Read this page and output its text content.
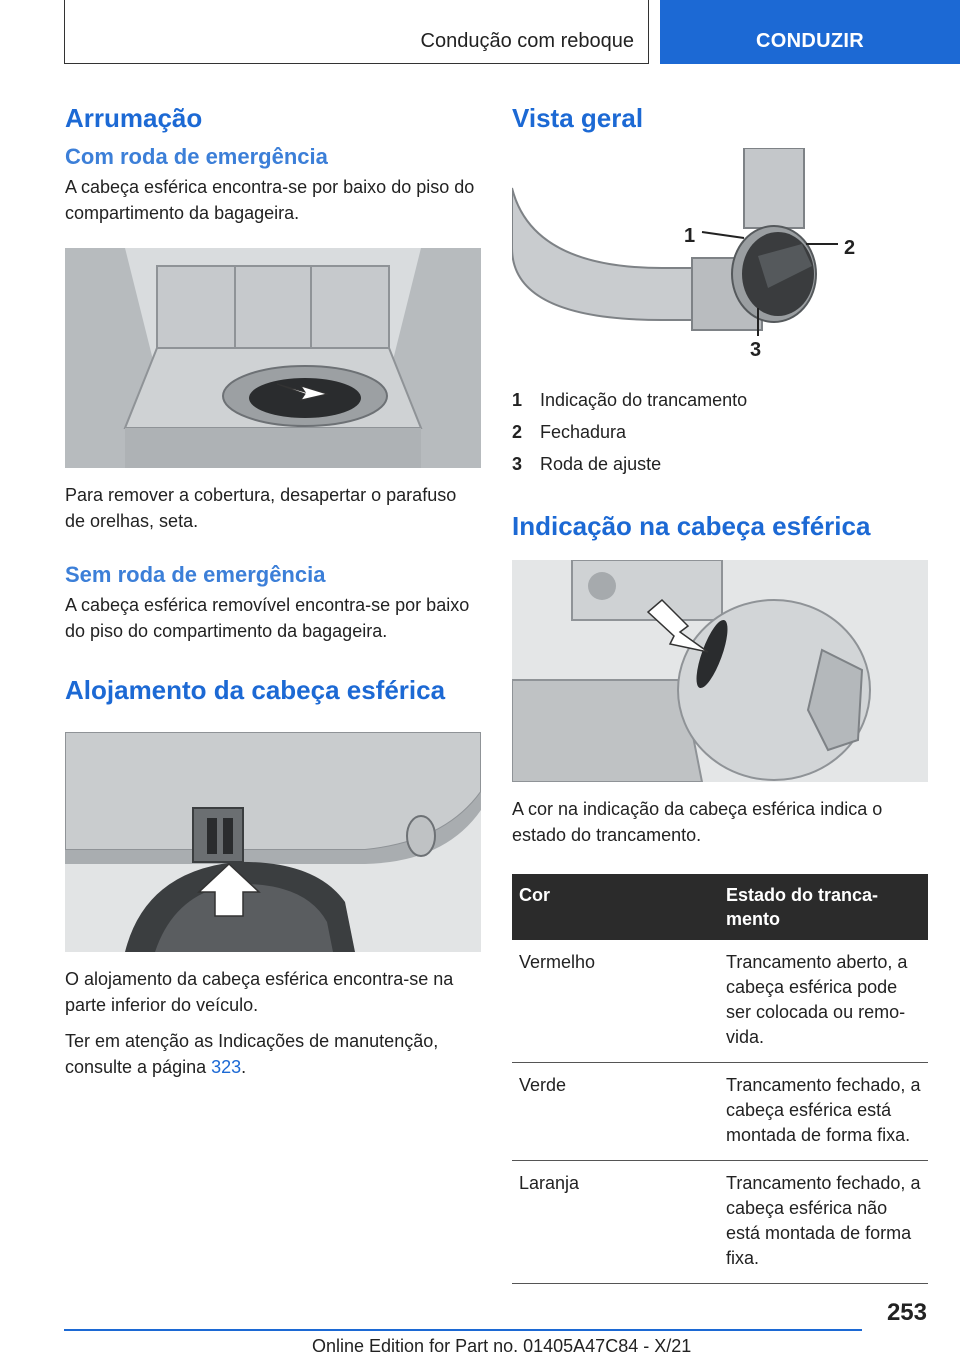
Condução com reboque	CONDUZIR
Arrumação
Com roda de emergência

A cabeça esférica encontra-se por baixo do piso do compartimento da bagageira.

Para remover a cobertura, desapertar o parafuso de orelhas, seta.

Sem roda de emergência

A cabeça esférica removível encontra-se por baixo do piso do compartimento da bagageira.

Alojamento da cabeça esférica

O alojamento da cabeça esférica encontra-se na parte inferior do veículo.

Ter em atenção as Indicações de manutenção, consulte a página 323.

Vista geral
1
2
3
1 Indicação do trancamento
2 Fechadura
3 Roda de ajuste
Indicação na cabeça esférica

A cor na indicação da cabeça esférica indica o estado do trancamento.

Cor	Estado do tranca-
mento
Vermelho	Trancamento aberto, a cabeça esférica pode ser colocada ou remo-vida.
Verde	Trancamento fechado, a cabeça esférica está montada de forma fixa.
Laranja	Trancamento fechado, a cabeça esférica não está montada de forma fixa.
253
Online Edition for Part no. 01405A47C84 - X/21
